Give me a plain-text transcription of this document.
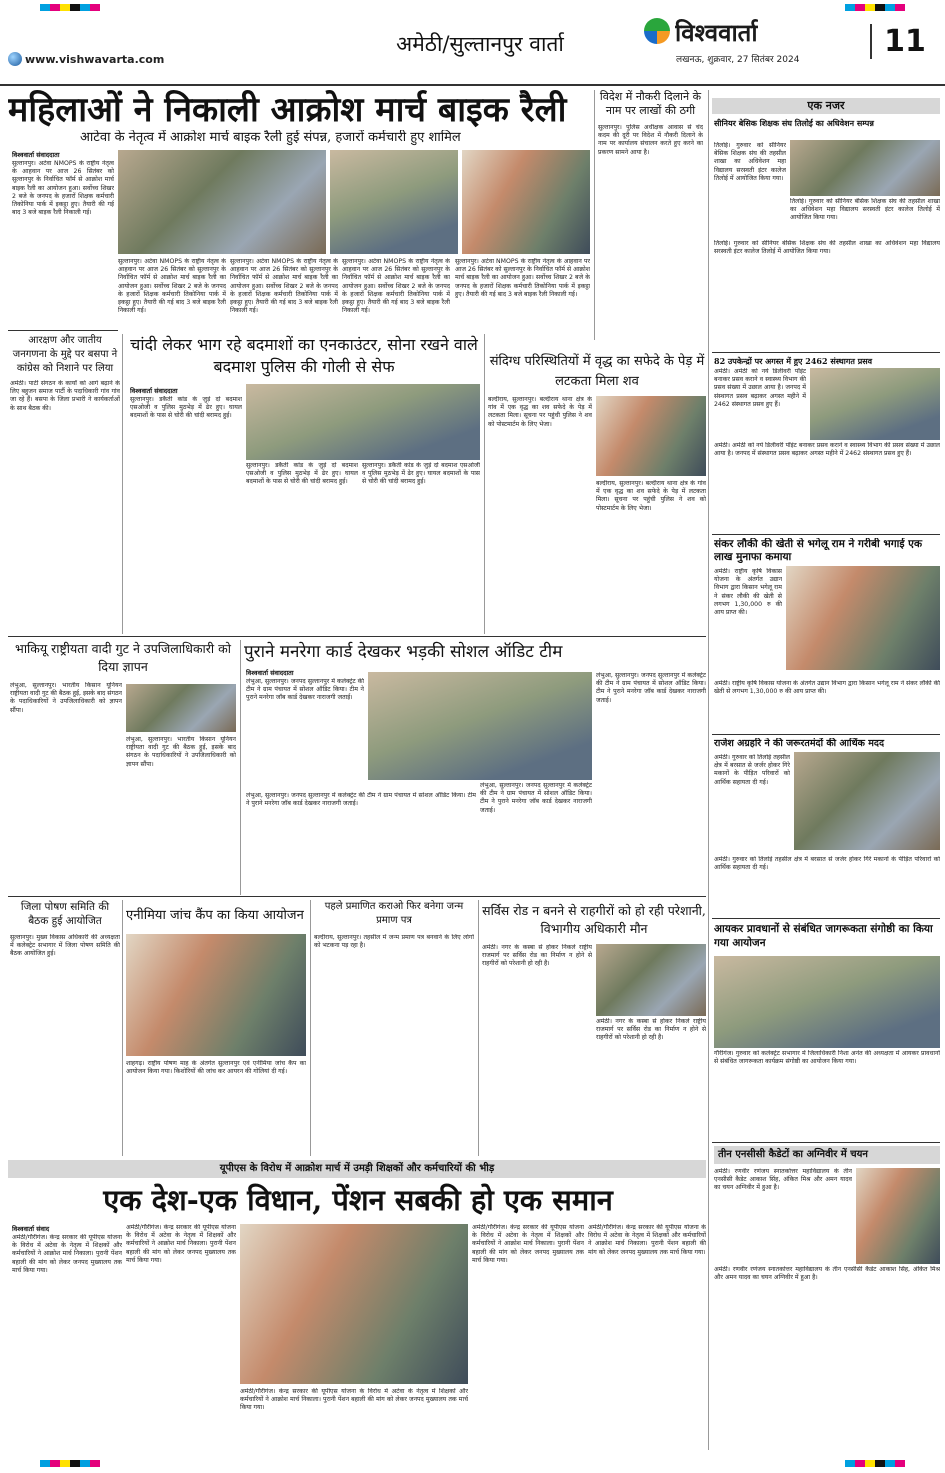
www.vishwavarta.com
अमेठी/सुल्तानपुर वार्ता	विश्ववार्ता
लखनऊ, शुक्रवार, 27 सितंबर 2024
11
महिलाओं ने निकाली आक्रोश मार्च बाइक रैली
आटेवा के नेतृत्व में आक्रोश मार्च बाइक रैली हुई संपन्न, हजारों कर्मचारी हुए शामिल
विश्ववार्ता संवाददाता
सुल्तानपुर। अटेवा NMOPS के राष्ट्रीय नेतृत्व के आहवान पर आज 26 सितंबर को सुल्तानपुर के निर्वाचित फॉर्म से आक्रोश मार्च बाइक रैली का आयोजन हुआ। सर्वोच्च शिखर 2 बजे के जनपद के हजारों शिक्षक कर्मचारी तिकोनिया पार्क में इकट्ठा हुए। तैयारी की गई बाद 3 बजे बाइक रैली निकाली गई।
सुल्तानपुर। अटेवा NMOPS के राष्ट्रीय नेतृत्व के आहवान पर आज 26 सितंबर को सुल्तानपुर के निर्वाचित फॉर्म से आक्रोश मार्च बाइक रैली का आयोजन हुआ। सर्वोच्च शिखर 2 बजे के जनपद के हजारों शिक्षक कर्मचारी तिकोनिया पार्क में इकट्ठा हुए। तैयारी की गई बाद 3 बजे बाइक रैली निकाली गई।
सुल्तानपुर। अटेवा NMOPS के राष्ट्रीय नेतृत्व के आहवान पर आज 26 सितंबर को सुल्तानपुर के निर्वाचित फॉर्म से आक्रोश मार्च बाइक रैली का आयोजन हुआ। सर्वोच्च शिखर 2 बजे के जनपद के हजारों शिक्षक कर्मचारी तिकोनिया पार्क में इकट्ठा हुए। तैयारी की गई बाद 3 बजे बाइक रैली निकाली गई।
सुल्तानपुर। अटेवा NMOPS के राष्ट्रीय नेतृत्व के आहवान पर आज 26 सितंबर को सुल्तानपुर के निर्वाचित फॉर्म से आक्रोश मार्च बाइक रैली का आयोजन हुआ। सर्वोच्च शिखर 2 बजे के जनपद के हजारों शिक्षक कर्मचारी तिकोनिया पार्क में इकट्ठा हुए। तैयारी की गई बाद 3 बजे बाइक रैली निकाली गई।
सुल्तानपुर। अटेवा NMOPS के राष्ट्रीय नेतृत्व के आहवान पर आज 26 सितंबर को सुल्तानपुर के निर्वाचित फॉर्म से आक्रोश मार्च बाइक रैली का आयोजन हुआ। सर्वोच्च शिखर 2 बजे के जनपद के हजारों शिक्षक कर्मचारी तिकोनिया पार्क में इकट्ठा हुए। तैयारी की गई बाद 3 बजे बाइक रैली निकाली गई।
विदेश में नौकरी दिलाने के नाम पर लाखों की ठगी
सुल्तानपुर। पुलिस अधीक्षक आवास से चंद कदम की दूरी पर विदेश में नौकरी दिलाने के नाम पर कार्यालय संचालन करते हुए करने का प्रकरण सामने आया है।
एक नजर
सीनियर बेसिक शिक्षक संघ तिलोई का अधिवेशन सम्पन्न
तिलोई। गुरुवार को सीनियर बेसिक शिक्षक संघ की तहसील शाखा का अधिवेशन महा विद्यालय सरस्वती इंटर कालेज तिलोई में आयोजित किया गया।
तिलोई। गुरुवार को सीनियर बेसिक शिक्षक संघ की तहसील शाखा का अधिवेशन महा विद्यालय सरस्वती इंटर कालेज तिलोई में आयोजित किया गया।
तिलोई। गुरुवार को सीनियर बेसिक शिक्षक संघ की तहसील शाखा का अधिवेशन महा विद्यालय सरस्वती इंटर कालेज तिलोई में आयोजित किया गया।
82 उपकेन्द्रों पर अगस्त में हुए 2462 संस्थागत प्रसव
अमेठी। अमेठी को नये डिलीवरी पॉइंट बनाकर प्रसव कराने व स्वास्थ्य विभाग की प्रसव संख्या में उछाल आया है। जनपद में संस्थागत प्रसव बढ़ाकर अगस्त महीने में 2462 संस्थागत प्रसव हुए हैं।
अमेठी। अमेठी को नये डिलीवरी पॉइंट बनाकर प्रसव कराने व स्वास्थ्य विभाग की प्रसव संख्या में उछाल आया है। जनपद में संस्थागत प्रसव बढ़ाकर अगस्त महीने में 2462 संस्थागत प्रसव हुए हैं।
संकर लौकी की खेती से भगेलू राम ने गरीबी भगाई एक लाख मुनाफा कमाया
अमेठी। राष्ट्रीय कृषि विकास योजना के अंतर्गत उद्यान विभाग द्वारा किसान भगेलू राम ने संकर लौकी की खेती से लगभग 1,30,000 रु की आय प्राप्त की।
अमेठी। राष्ट्रीय कृषि विकास योजना के अंतर्गत उद्यान विभाग द्वारा किसान भगेलू राम ने संकर लौकी की खेती से लगभग 1,30,000 रु की आय प्राप्त की।
राजेश अग्रहरि ने की जरूरतमंदों की आर्थिक मदद
अमेठी। गुरुवार को तिलोई तहसील क्षेत्र में बरसात से जर्जर होकर गिरे मकानों के पीड़ित परिवारों को आर्थिक सहायता दी गई।
अमेठी। गुरुवार को तिलोई तहसील क्षेत्र में बरसात से जर्जर होकर गिरे मकानों के पीड़ित परिवारों को आर्थिक सहायता दी गई।
आयकर प्रावधानों से संबंधित जागरूकता संगोष्ठी का किया गया आयोजन
गौरीगंज। गुरुवार को कलेक्ट्रेट सभागार में जिलाधिकारी निशा अनंत की अध्यक्षता में आयकर प्रावधानों से संबंधित जागरूकता कार्यक्रम संगोष्ठी का आयोजन किया गया।
तीन एनसीसी कैडेटों का अग्निवीर में चयन
अमेठी। रणवीर रणंजय स्नातकोत्तर महाविद्यालय के तीन एनसीसी कैडेट आकाश सिंह, अंकित मिश्र और अमन यादव का चयन अग्निवीर में हुआ है।
अमेठी। रणवीर रणंजय स्नातकोत्तर महाविद्यालय के तीन एनसीसी कैडेट आकाश सिंह, अंकित मिश्र और अमन यादव का चयन अग्निवीर में हुआ है।
आरक्षण और जातीय जनगणना के मुद्दे पर बसपा ने कांग्रेस को निशाने पर लिया
अमेठी। पार्टी संगठन के कार्यों को आगे बढ़ाने के लिए बहुजन समाज पार्टी के पदाधिकारी गांव गांव जा रहे हैं। बसपा के जिला प्रभारी ने कार्यकर्ताओं के साथ बैठक की।
चांदी लेकर भाग रहे बदमाशों का एनकाउंटर, सोना रखने वाले बदमाश पुलिस की गोली से सेफ
विश्ववार्ता संवाददाता
सुल्तानपुर। डकैती कांड के जुड़े दो बदमाश एसओजी व पुलिस मुठभेड़ में ढेर हुए। घायल बदमाशों के पास से चोरी की चांदी बरामद हुई।
सुल्तानपुर। डकैती कांड के जुड़े दो बदमाश एसओजी व पुलिस मुठभेड़ में ढेर हुए। घायल बदमाशों के पास से चोरी की चांदी बरामद हुई।
सुल्तानपुर। डकैती कांड के जुड़े दो बदमाश एसओजी व पुलिस मुठभेड़ में ढेर हुए। घायल बदमाशों के पास से चोरी की चांदी बरामद हुई।
संदिग्ध परिस्थितियों में वृद्ध का सफेदे के पेड़ में लटकता मिला शव
बल्दीराय, सुल्तानपुर। बल्दीराय थाना क्षेत्र के गांव में एक वृद्ध का शव सफेदे के पेड़ में लटकता मिला। सूचना पर पहुंची पुलिस ने शव को पोस्टमार्टम के लिए भेजा।
बल्दीराय, सुल्तानपुर। बल्दीराय थाना क्षेत्र के गांव में एक वृद्ध का शव सफेदे के पेड़ में लटकता मिला। सूचना पर पहुंची पुलिस ने शव को पोस्टमार्टम के लिए भेजा।
भाकियू राष्ट्रीयता वादी गुट ने उपजिलाधिकारी को दिया ज्ञापन
लंभुआ, सुल्तानपुर। भारतीय किसान यूनियन राष्ट्रीयता वादी गुट की बैठक हुई, इसके बाद संगठन के पदाधिकारियों ने उपजिलाधिकारी को ज्ञापन सौंपा।
लंभुआ, सुल्तानपुर। भारतीय किसान यूनियन राष्ट्रीयता वादी गुट की बैठक हुई, इसके बाद संगठन के पदाधिकारियों ने उपजिलाधिकारी को ज्ञापन सौंपा।
पुराने मनरेगा कार्ड देखकर भड़की सोशल ऑडिट टीम
विश्ववार्ता संवाददाता
लंभुआ, सुल्तानपुर। जनपद सुल्तानपुर में कलेक्ट्रेट की टीम ने ग्राम पंचायत में सोशल ऑडिट किया। टीम ने पुराने मनरेगा जॉब कार्ड देखकर नाराजगी जताई।
लंभुआ, सुल्तानपुर। जनपद सुल्तानपुर में कलेक्ट्रेट की टीम ने ग्राम पंचायत में सोशल ऑडिट किया। टीम ने पुराने मनरेगा जॉब कार्ड देखकर नाराजगी जताई।
लंभुआ, सुल्तानपुर। जनपद सुल्तानपुर में कलेक्ट्रेट की टीम ने ग्राम पंचायत में सोशल ऑडिट किया। टीम ने पुराने मनरेगा जॉब कार्ड देखकर नाराजगी जताई।
लंभुआ, सुल्तानपुर। जनपद सुल्तानपुर में कलेक्ट्रेट की टीम ने ग्राम पंचायत में सोशल ऑडिट किया। टीम ने पुराने मनरेगा जॉब कार्ड देखकर नाराजगी जताई।
जिला पोषण समिति की बैठक हुई आयोजित
सुल्तानपुर। मुख्य विकास अधिकारी की अध्यक्षता में कलेक्ट्रेट सभागार में जिला पोषण समिति की बैठक आयोजित हुई।
एनीमिया जांच कैंप का किया आयोजन
शाहगढ़। राष्ट्रीय पोषण माह के अंतर्गत सुल्तानपुर एवं एनीमिया जांच कैंप का आयोजन किया गया। किशोरियों की जांच कर आयरन की गोलियां दी गई।
पहले प्रमाणित कराओ फिर बनेगा जन्म प्रमाण पत्र
बल्दीराय, सुल्तानपुर। तहसील में जन्म प्रमाण पत्र बनवाने के लिए लोगों को भटकना पड़ रहा है।
सर्विस रोड न बनने से राहगीरों को हो रही परेशानी, विभागीय अधिकारी मौन
अमेठी। नगर के कस्बा से होकर निकले राष्ट्रीय राजमार्ग पर सर्विस रोड का निर्माण न होने से राहगीरों को परेशानी हो रही है।
अमेठी। नगर के कस्बा से होकर निकले राष्ट्रीय राजमार्ग पर सर्विस रोड का निर्माण न होने से राहगीरों को परेशानी हो रही है।
यूपीएस के विरोध में आक्रोश मार्च में उमड़ी शिक्षकों और कर्मचारियों की भीड़
एक देश-एक विधान, पेंशन सबकी हो एक समान
विश्ववार्ता संवाद
अमेठी/गौरीगंज। केन्द्र सरकार की यूपीएस योजना के विरोध में अटेवा के नेतृत्व में शिक्षकों और कर्मचारियों ने आक्रोश मार्च निकाला। पुरानी पेंशन बहाली की मांग को लेकर जनपद मुख्यालय तक मार्च किया गया।
अमेठी/गौरीगंज। केन्द्र सरकार की यूपीएस योजना के विरोध में अटेवा के नेतृत्व में शिक्षकों और कर्मचारियों ने आक्रोश मार्च निकाला। पुरानी पेंशन बहाली की मांग को लेकर जनपद मुख्यालय तक मार्च किया गया।
अमेठी/गौरीगंज। केन्द्र सरकार की यूपीएस योजना के विरोध में अटेवा के नेतृत्व में शिक्षकों और कर्मचारियों ने आक्रोश मार्च निकाला। पुरानी पेंशन बहाली की मांग को लेकर जनपद मुख्यालय तक मार्च किया गया।
अमेठी/गौरीगंज। केन्द्र सरकार की यूपीएस योजना के विरोध में अटेवा के नेतृत्व में शिक्षकों और कर्मचारियों ने आक्रोश मार्च निकाला। पुरानी पेंशन बहाली की मांग को लेकर जनपद मुख्यालय तक मार्च किया गया।
अमेठी/गौरीगंज। केन्द्र सरकार की यूपीएस योजना के विरोध में अटेवा के नेतृत्व में शिक्षकों और कर्मचारियों ने आक्रोश मार्च निकाला। पुरानी पेंशन बहाली की मांग को लेकर जनपद मुख्यालय तक मार्च किया गया।
